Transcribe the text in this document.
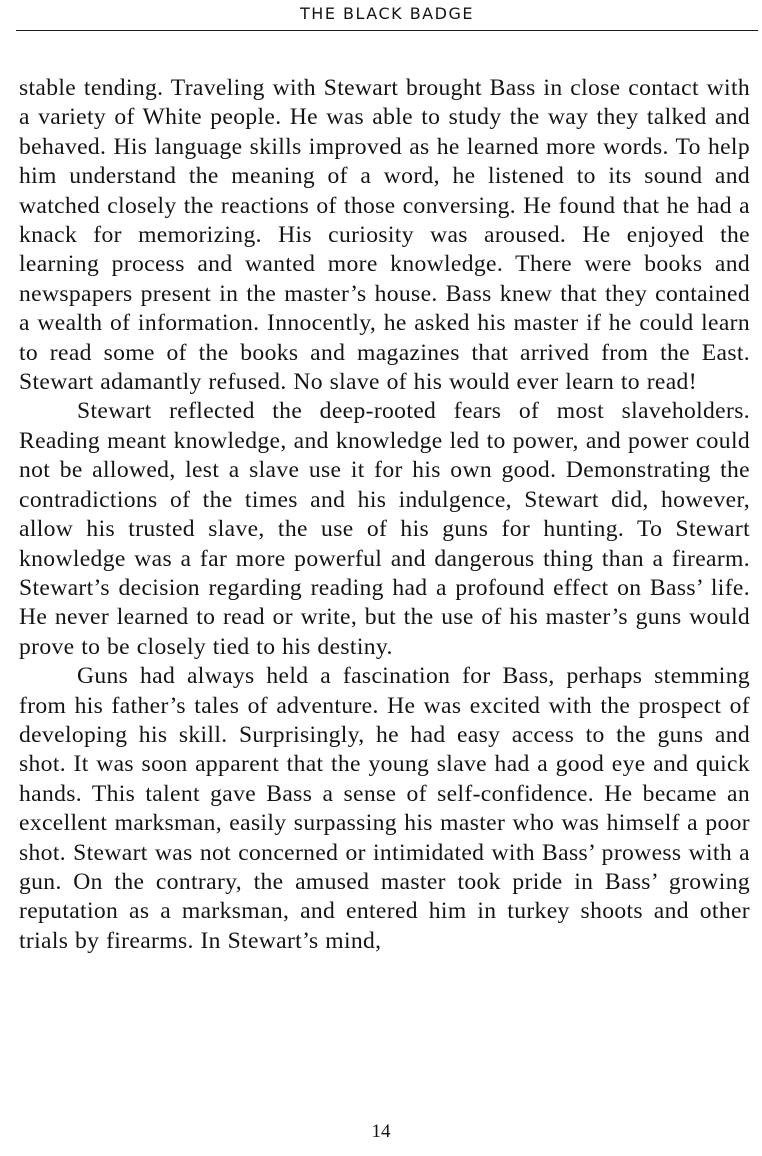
THE BLACK BADGE

stable tending. Traveling with Stewart brought Bass in close contact with a variety of White people. He was able to study the way they talked and behaved. His language skills improved as he learned more words. To help him understand the meaning of a word, he listened to its sound and watched closely the reactions of those conversing. He found that he had a knack for memorizing. His curiosity was aroused. He enjoyed the learning process and wanted more knowledge. There were books and newspapers present in the master’s house. Bass knew that they contained a wealth of information. Innocently, he asked his master if he could learn to read some of the books and magazines that arrived from the East. Stewart adamantly refused. No slave of his would ever learn to read!

Stewart reflected the deep-rooted fears of most slaveholders. Reading meant knowledge, and knowledge led to power, and power could not be allowed, lest a slave use it for his own good. Demonstrating the contradictions of the times and his indulgence, Stewart did, however, allow his trusted slave, the use of his guns for hunting. To Stewart knowledge was a far more powerful and dangerous thing than a firearm. Stewart’s decision regarding reading had a profound effect on Bass’ life. He never learned to read or write, but the use of his master’s guns would prove to be closely tied to his destiny.

Guns had always held a fascination for Bass, perhaps stemming from his father’s tales of adventure. He was excited with the prospect of developing his skill. Surprisingly, he had easy access to the guns and shot. It was soon apparent that the young slave had a good eye and quick hands. This talent gave Bass a sense of self-confidence. He became an excellent marksman, easily surpassing his master who was himself a poor shot. Stewart was not concerned or intimidated with Bass’ prowess with a gun. On the contrary, the amused master took pride in Bass’ growing reputation as a marksman, and entered him in turkey shoots and other trials by firearms. In Stewart’s mind,

14
